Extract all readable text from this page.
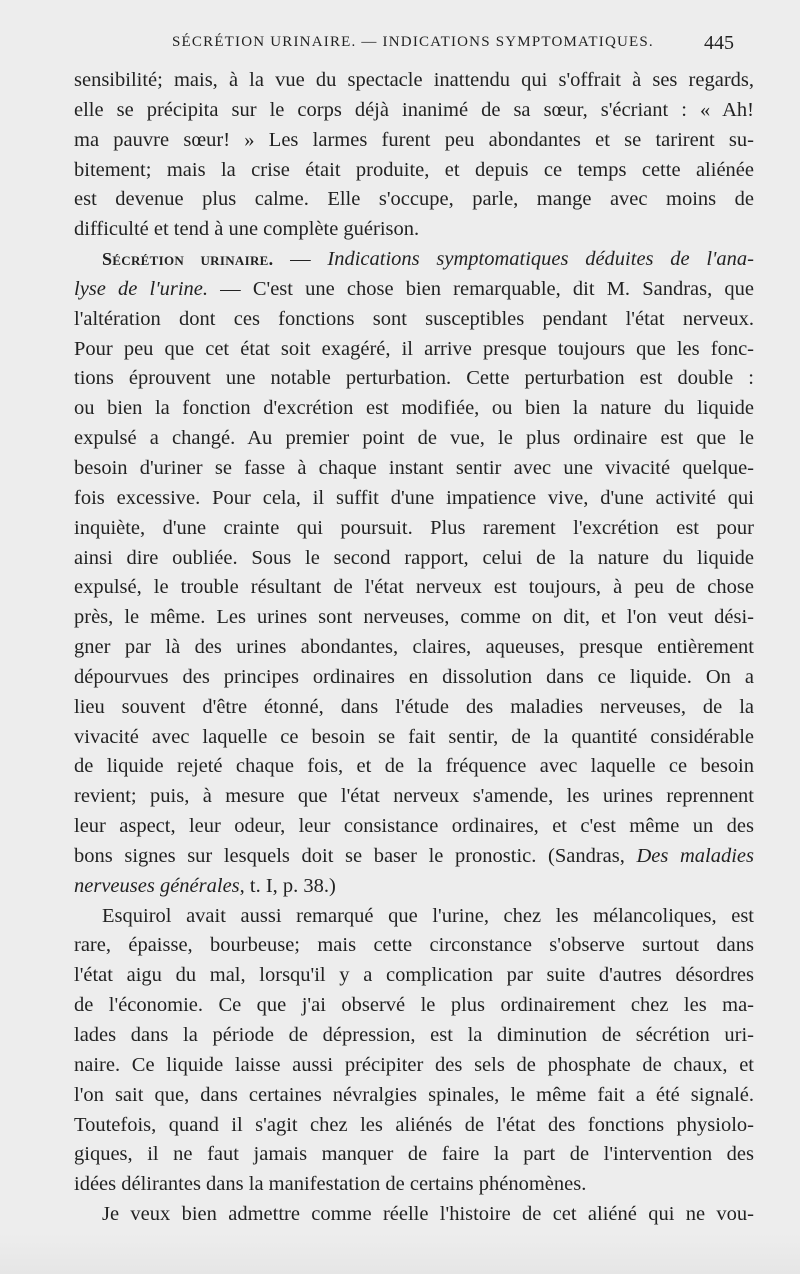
SÉCRÉTION URINAIRE. — INDICATIONS SYMPTOMATIQUES.	445
sensibilité; mais, à la vue du spectacle inattendu qui s'offrait à ses regards,
elle se précipita sur le corps déjà inanimé de sa sœur, s'écriant : « Ah!
ma pauvre sœur! » Les larmes furent peu abondantes et se tarirent su-
bitement; mais la crise était produite, et depuis ce temps cette aliénée
est devenue plus calme. Elle s'occupe, parle, mange avec moins de
difficulté et tend à une complète guérison.
Sécrétion urinaire. — Indications symptomatiques déduites de l'ana-
lyse de l'urine. — C'est une chose bien remarquable, dit M. Sandras, que
l'altération dont ces fonctions sont susceptibles pendant l'état nerveux.
Pour peu que cet état soit exagéré, il arrive presque toujours que les fonc-
tions éprouvent une notable perturbation. Cette perturbation est double :
ou bien la fonction d'excrétion est modifiée, ou bien la nature du liquide
expulsé a changé. Au premier point de vue, le plus ordinaire est que le
besoin d'uriner se fasse à chaque instant sentir avec une vivacité quelque-
fois excessive. Pour cela, il suffit d'une impatience vive, d'une activité qui
inquiète, d'une crainte qui poursuit. Plus rarement l'excrétion est pour
ainsi dire oubliée. Sous le second rapport, celui de la nature du liquide
expulsé, le trouble résultant de l'état nerveux est toujours, à peu de chose
près, le même. Les urines sont nerveuses, comme on dit, et l'on veut dési-
gner par là des urines abondantes, claires, aqueuses, presque entièrement
dépourvues des principes ordinaires en dissolution dans ce liquide. On a
lieu souvent d'être étonné, dans l'étude des maladies nerveuses, de la
vivacité avec laquelle ce besoin se fait sentir, de la quantité considérable
de liquide rejeté chaque fois, et de la fréquence avec laquelle ce besoin
revient; puis, à mesure que l'état nerveux s'amende, les urines reprennent
leur aspect, leur odeur, leur consistance ordinaires, et c'est même un des
bons signes sur lesquels doit se baser le pronostic. (Sandras, Des maladies
nerveuses générales, t. I, p. 38.)
Esquirol avait aussi remarqué que l'urine, chez les mélancoliques, est
rare, épaisse, bourbeuse; mais cette circonstance s'observe surtout dans
l'état aigu du mal, lorsqu'il y a complication par suite d'autres désordres
de l'économie. Ce que j'ai observé le plus ordinairement chez les ma-
lades dans la période de dépression, est la diminution de sécrétion uri-
naire. Ce liquide laisse aussi précipiter des sels de phosphate de chaux, et
l'on sait que, dans certaines névralgies spinales, le même fait a été signalé.
Toutefois, quand il s'agit chez les aliénés de l'état des fonctions physiolo-
giques, il ne faut jamais manquer de faire la part de l'intervention des
idées délirantes dans la manifestation de certains phénomènes.
Je veux bien admettre comme réelle l'histoire de cet aliéné qui ne vou-
